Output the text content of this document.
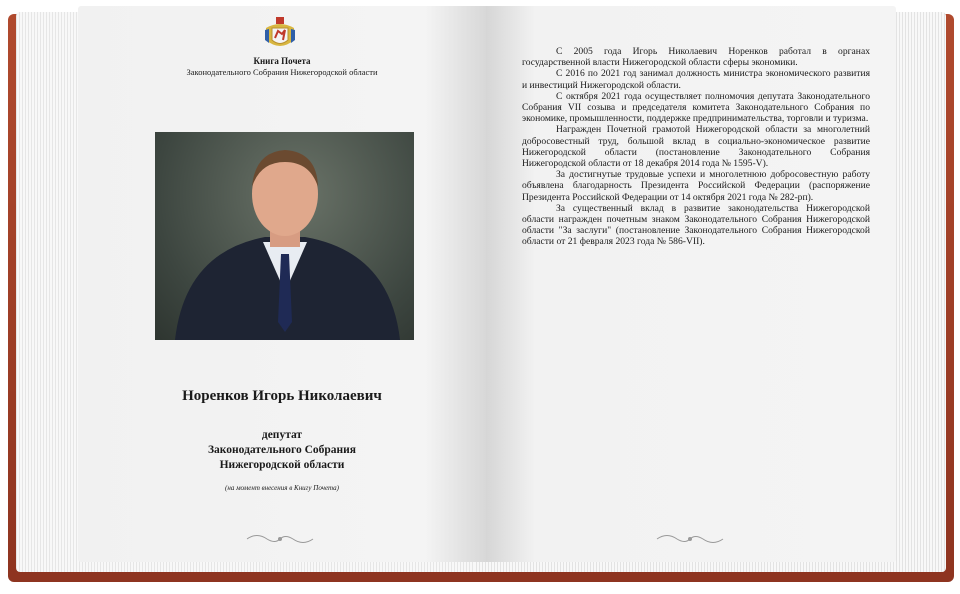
Книга Почета
Законодательного Собрания Нижегородской области
Норенков Игорь Николаевич
депутат
Законодательного Собрания
Нижегородской области
(на момент внесения в Книгу Почета)

С 2005 года Игорь Николаевич Норенков работал в органах государственной власти Нижегородской области сферы экономики.

С 2016 по 2021 год занимал должность министра экономического развития и инвестиций Нижегородской области.

С октября 2021 года осуществляет полномочия депутата Законодательного Собрания VII созыва и председателя комитета Законодательного Собрания по экономике, промышленности, поддержке предпринимательства, торговли и туризма.

Награжден Почетной грамотой Нижегородской области за многолетний добросовестный труд, большой вклад в социально-экономическое развитие Нижегородской области (постановление Законодательного Собрания Нижегородской области от 18 декабря 2014 года № 1595-V).

За достигнутые трудовые успехи и многолетнюю добросовестную работу объявлена благодарность Президента Российской Федерации (распоряжение Президента Российской Федерации от 14 октября 2021 года № 282-рп).

За существенный вклад в развитие законодательства Нижегородской области награжден почетным знаком Законодательного Собрания Нижегородской области "За заслуги" (постановление Законодательного Собрания Нижегородской области от 21 февраля 2023 года № 586-VII).
